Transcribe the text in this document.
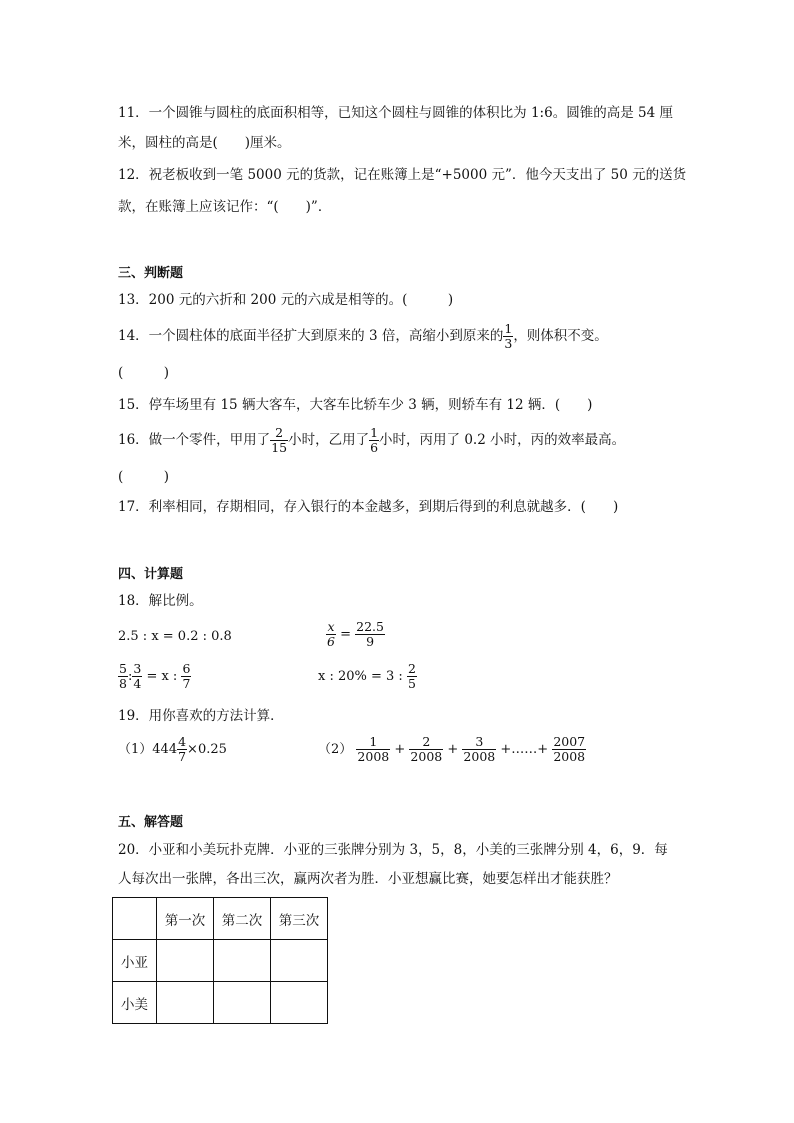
11．一个圆锥与圆柱的底面积相等，已知这个圆柱与圆锥的体积比为 1:6。圆锥的高是 54 厘
米，圆柱的高是(　　)厘米。
12．祝老板收到一笔 5000 元的货款，记在账簿上是“+5000 元”．他今天支出了 50 元的送货
款，在账簿上应该记作：“(　　)”．
三、判断题
13．200 元的六折和 200 元的六成是相等的。(　　　)
14．一个圆柱体的底面半径扩大到原来的 3 倍，高缩小到原来的 $\frac{1}{3}$ ，则体积不变。
(　　　)
15．停车场里有 15 辆大客车，大客车比轿车少 3 辆，则轿车有 12 辆．(　　)
16．做一个零件，甲用了 $\frac{2}{15}$ 小时，乙用了 $\frac{1}{6}$ 小时，丙用了 0.2 小时，丙的效率最高。
(　　　)
17．利率相同，存期相同，存入银行的本金越多，到期后得到的利息就越多．(　　)
四、计算题
18．解比例。
2.5 : x = 0.2 : 0.8	$\frac{x}{6} = \frac{22.5}{9}$
$\frac{5}{8}$ : $\frac{3}{4} = x$ : $\frac{6}{7}$	x : 20% = 3 : $\frac{2}{5}$
19．用你喜欢的方法计算．
$(1)444 \frac{4}{7} \times 0.25$	$(2) \frac{1}{2008} + \frac{2}{2008} + \frac{3}{2008}$ +……+ $\frac{2007}{2008}$
五、解答题
20．小亚和小美玩扑克牌．小亚的三张牌分别为 3，5，8，小美的三张牌分别 4，6，9．每
人每次出一张牌，各出三次，赢两次者为胜．小亚想赢比赛，她要怎样出才能获胜？
	第一次	第二次	第三次
小亚			
小美			
